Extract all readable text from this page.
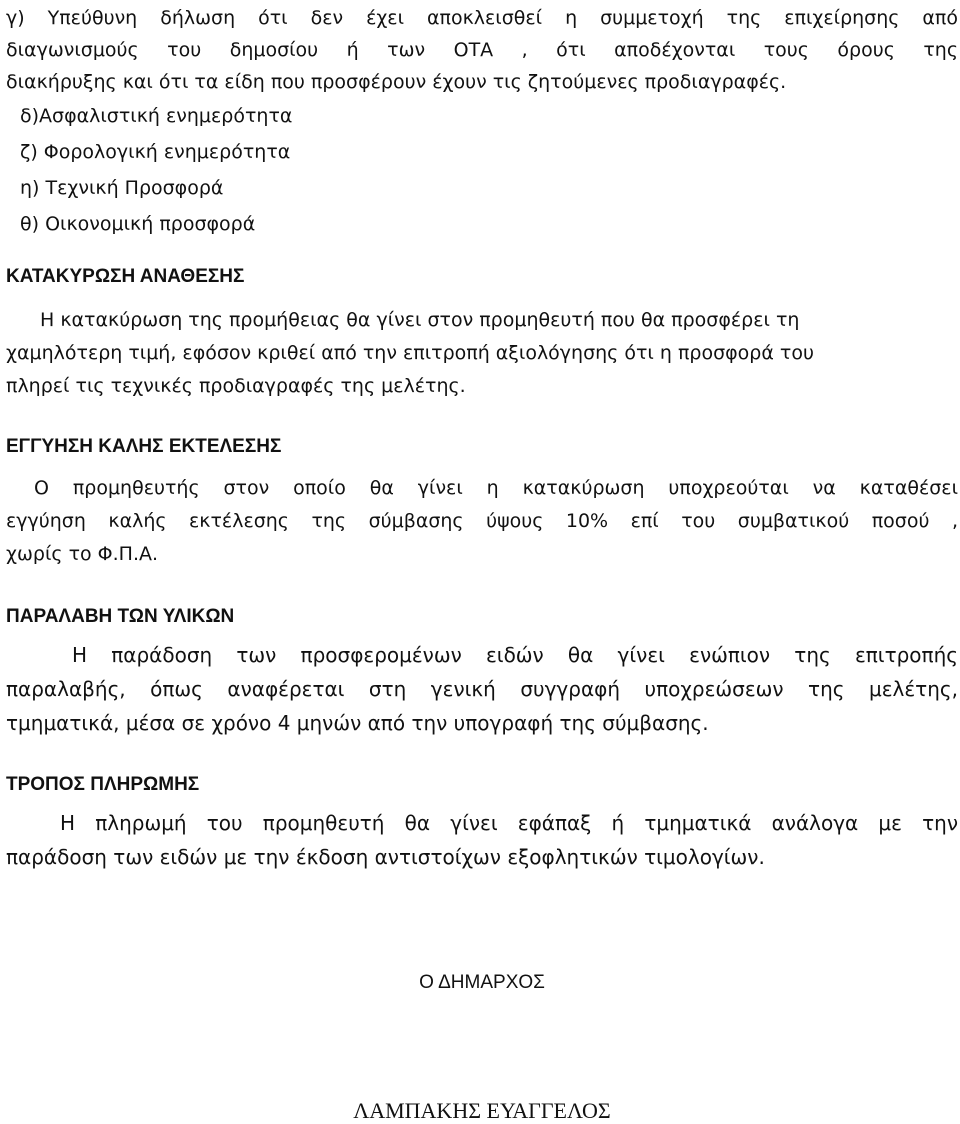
γ) Υπεύθυνη δήλωση ότι δεν έχει αποκλεισθεί η συμμετοχή της επιχείρησης από
διαγωνισμούς του δημοσίου ή των ΟΤΑ , ότι αποδέχονται τους όρους της
διακήρυξης και ότι τα είδη που προσφέρουν έχουν τις ζητούμενες προδιαγραφές.

δ)Ασφαλιστική ενημερότητα
ζ) Φορολογική ενημερότητα
η) Τεχνική Προσφορά
θ) Οικονομική προσφορά
ΚΑΤΑΚΥΡΩΣΗ ΑΝΑΘΕΣΗΣ

Η κατακύρωση της προμήθειας θα γίνει στον προμηθευτή που θα προσφέρει τη
χαμηλότερη τιμή, εφόσον κριθεί από την επιτροπή αξιολόγησης ότι η προσφορά του
πληρεί τις τεχνικές προδιαγραφές της μελέτης.

ΕΓΓΥΗΣΗ ΚΑΛΗΣ ΕΚΤΕΛΕΣΗΣ

Ο προμηθευτής στον οποίο θα γίνει η κατακύρωση υποχρεούται να καταθέσει
εγγύηση καλής εκτέλεσης της σύμβασης ύψους 10% επί του συμβατικού ποσού ,
χωρίς το Φ.Π.Α.

ΠΑΡΑΛΑΒΗ ΤΩΝ ΥΛΙΚΩΝ

Η παράδοση των προσφερομένων ειδών θα γίνει ενώπιον της επιτροπής
παραλαβής, όπως αναφέρεται στη γενική συγγραφή υποχρεώσεων της μελέτης,
τμηματικά, μέσα σε χρόνο 4 μηνών από την υπογραφή της σύμβασης.

ΤΡΟΠΟΣ ΠΛΗΡΩΜΗΣ

Η πληρωμή του προμηθευτή θα γίνει εφάπαξ ή τμηματικά ανάλογα με την
παράδοση των ειδών με την έκδοση αντιστοίχων εξοφλητικών τιμολογίων.

Ο ΔΗΜΑΡΧΟΣ
ΛΑΜΠΑΚΗΣ ΕΥΑΓΓΕΛΟΣ
